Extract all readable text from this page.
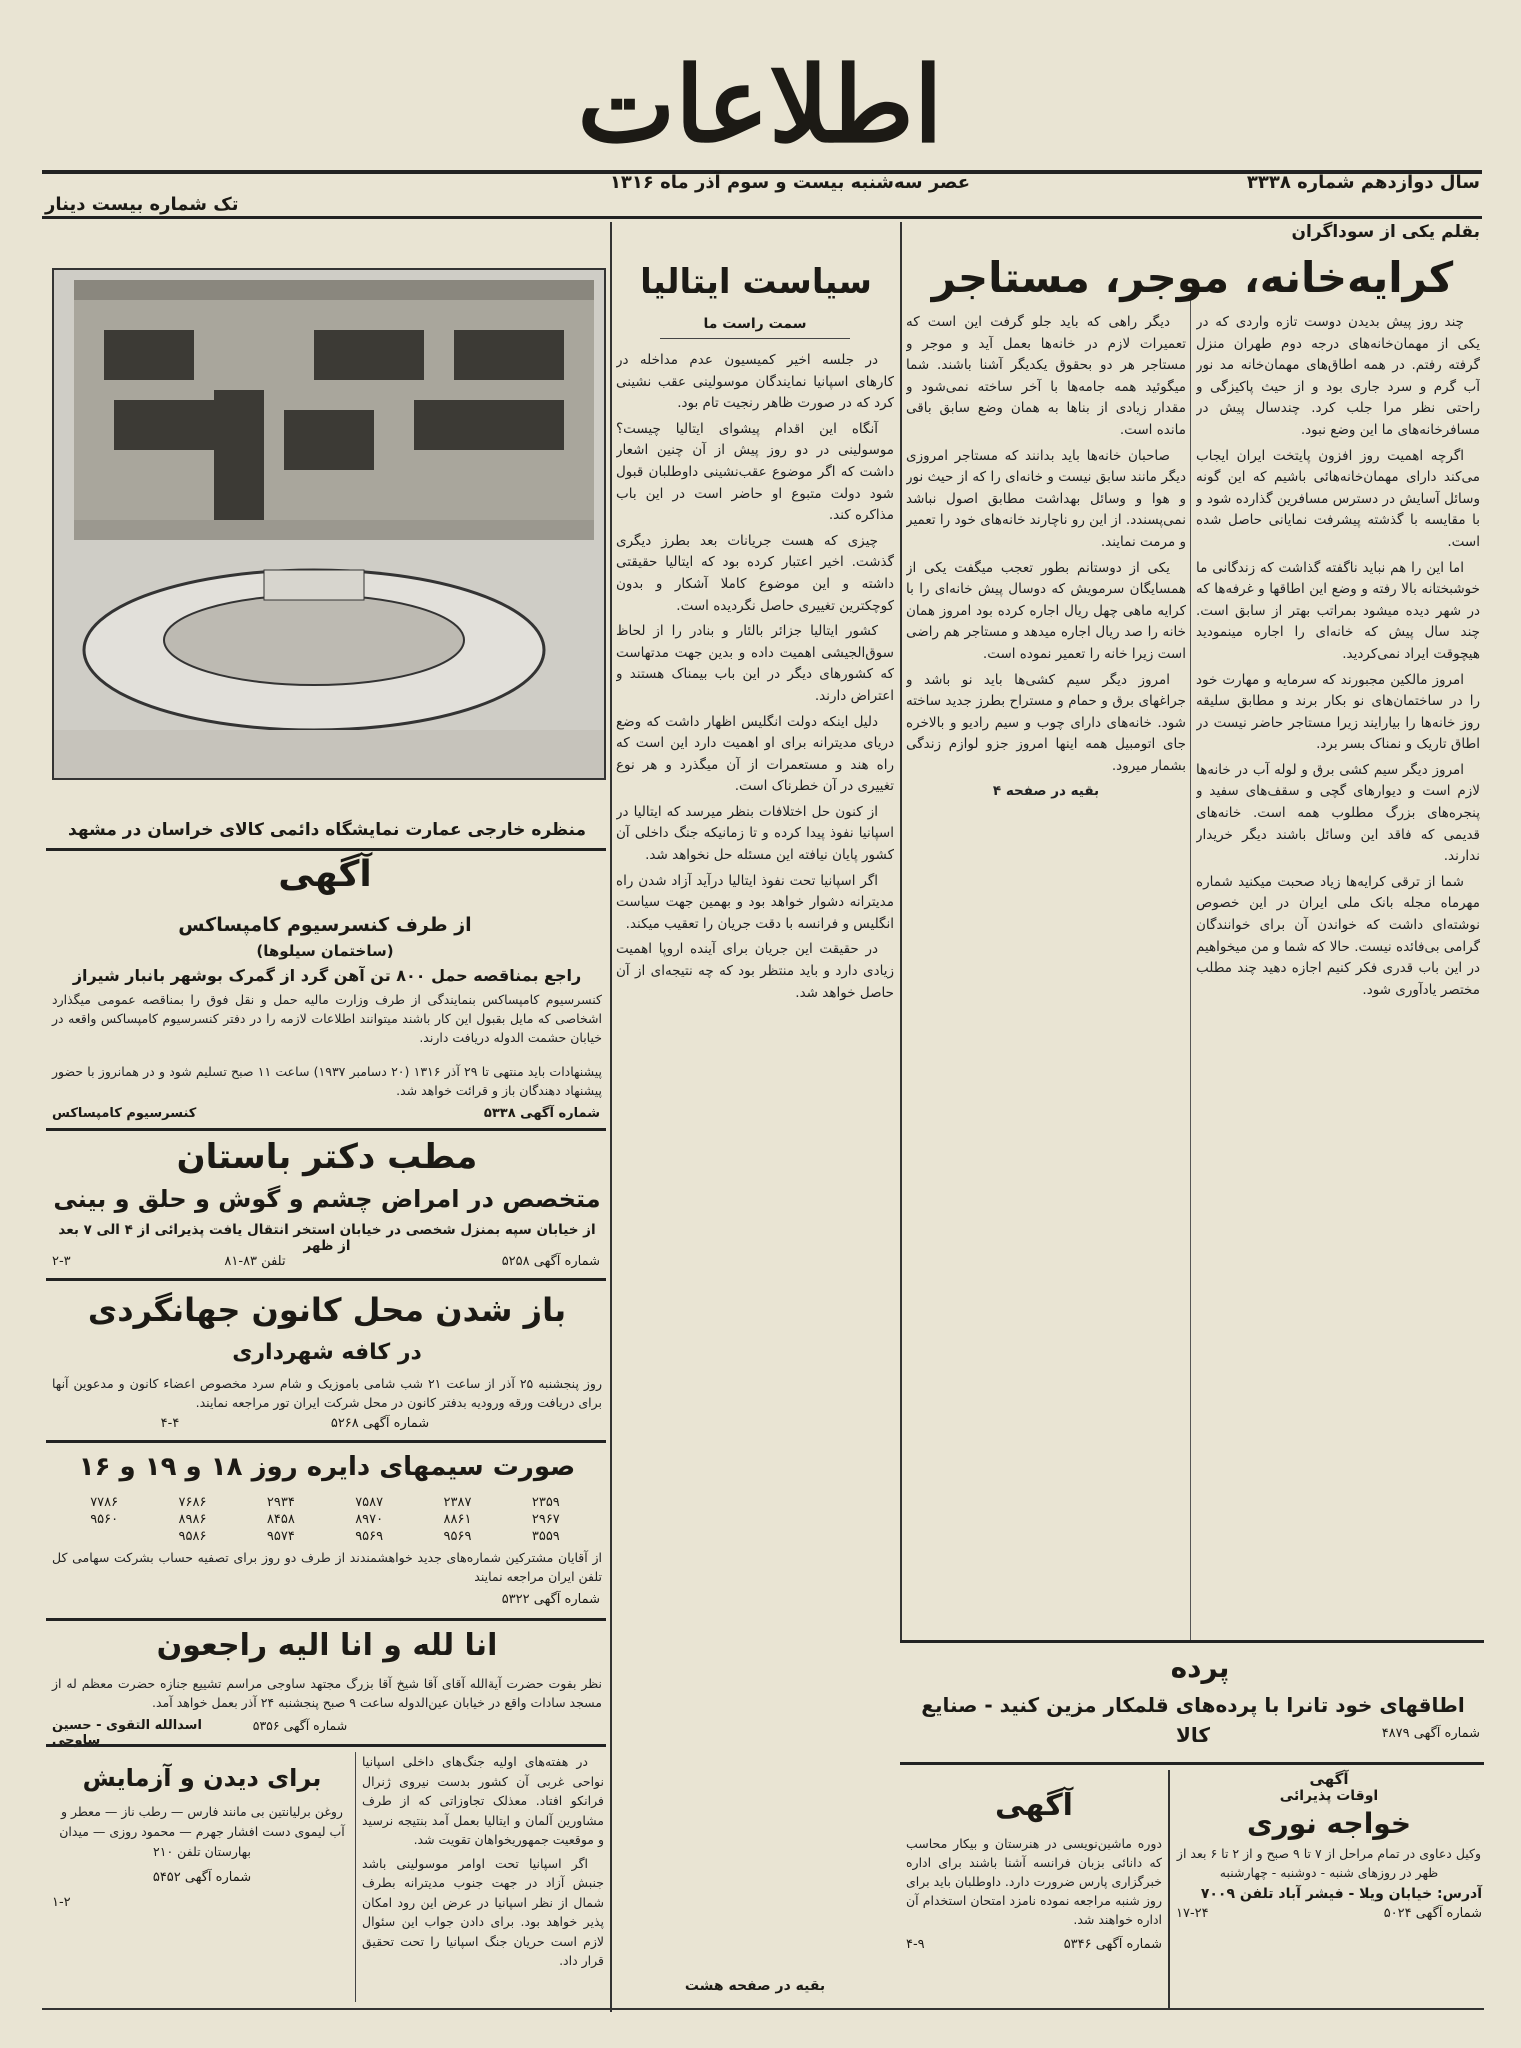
اطلاعات
سال دوازدهم شماره ۳۳۳۸
عصر سه‌شنبه بیست و سوم آذر ماه ۱۳۱۶
تک شماره بیست دینار
بقلم یکی از سوداگران
کرایه‌خانه، موجر، مستاجر

چند روز پیش بدیدن دوست تازه واردی که در یکی از مهمان‌خانه‌های درجه دوم طهران منزل گرفته رفتم. در همه اطاق‌های مهمان‌خانه مد نور آب گرم و سرد جاری بود و از حیث پاکیزگی و راحتی نظر مرا جلب کرد. چندسال پیش در مسافرخانه‌های ما این وضع نبود.

اگرچه اهمیت روز افزون پایتخت ایران ایجاب می‌کند دارای مهمان‌خانه‌هائی باشیم که این گونه وسائل آسایش در دسترس مسافرین گذارده شود و با مقایسه با گذشته پیشرفت نمایانی حاصل شده است.

اما این را هم نباید ناگفته گذاشت که زندگانی ما خوشبختانه بالا رفته و وضع این اطاقها و غرفه‌ها که در شهر دیده میشود بمراتب بهتر از سابق است. چند سال پیش که خانه‌ای را اجاره مینمودید هیچوقت ایراد نمی‌کردید.

امروز مالکین مجبورند که سرمایه و مهارت خود را در ساختمان‌های نو بکار برند و مطابق سلیقه روز خانه‌ها را بیارایند زیرا مستاجر حاضر نیست در اطاق تاریک و نمناک بسر برد.

امروز دیگر سیم کشی برق و لوله آب در خانه‌ها لازم است و دیوارهای گچی و سقف‌های سفید و پنجره‌های بزرگ مطلوب همه است. خانه‌های قدیمی که فاقد این وسائل باشند دیگر خریدار ندارند.

شما از ترقی کرایه‌ها زیاد صحبت میکنید شماره مهرماه مجله بانک ملی ایران در این خصوص نوشته‌ای داشت که خواندن آن برای خوانندگان گرامی بی‌فائده نیست. حالا که شما و من میخواهیم در این باب قدری فکر کنیم اجازه دهید چند مطلب مختصر یادآوری شود.

دیگر راهی که باید جلو گرفت این است که تعمیرات لازم در خانه‌ها بعمل آید و موجر و مستاجر هر دو بحقوق یکدیگر آشنا باشند. شما میگوئید همه جامه‌ها با آخر ساخته نمی‌شود و مقدار زیادی از بناها به همان وضع سابق باقی مانده است.

صاحبان خانه‌ها باید بدانند که مستاجر امروزی دیگر مانند سابق نیست و خانه‌ای را که از حیث نور و هوا و وسائل بهداشت مطابق اصول نباشد نمی‌پسندد. از این رو ناچارند خانه‌های خود را تعمیر و مرمت نمایند.

یکی از دوستانم بطور تعجب میگفت یکی از همسایگان سرمویش که دوسال پیش خانه‌ای را با کرایه ماهی چهل ریال اجاره کرده بود امروز همان خانه را صد ریال اجاره میدهد و مستاجر هم راضی است زیرا خانه را تعمیر نموده است.

امروز دیگر سیم کشی‌ها باید نو باشد و جراغهای برق و حمام و مستراح بطرز جدید ساخته شود. خانه‌های دارای چوب و سیم رادیو و بالاخره جای اتومبیل همه اینها امروز جزو لوازم زندگی بشمار میرود.

بقیه در صفحه ۴

سیاست ایتالیا
سمت راست ما

در جلسه اخیر کمیسیون عدم مداخله در کارهای اسپانیا نمایندگان موسولینی عقب نشینی کرد که در صورت ظاهر رنجیت تام بود.

آنگاه این اقدام پیشوای ایتالیا چیست؟ موسولینی در دو روز پیش از آن چنین اشعار داشت که اگر موضوع عقب‌نشینی داوطلبان قبول شود دولت متبوع او حاضر است در این باب مذاکره کند.

چیزی که هست جریانات بعد بطرز دیگری گذشت. اخیر اعتبار کرده بود که ایتالیا حقیقتی داشته و این موضوع کاملا آشکار و بدون کوچکترین تغییری حاصل نگردیده است.

کشور ایتالیا جزائر بالئار و بنادر را از لحاظ سوق‌الجیشی اهمیت داده و بدین جهت مدتهاست که کشورهای دیگر در این باب بیمناک هستند و اعتراض دارند.

دلیل اینکه دولت انگلیس اظهار داشت که وضع دریای مدیترانه برای او اهمیت دارد این است که راه هند و مستعمرات از آن میگذرد و هر نوع تغییری در آن خطرناک است.

از کنون حل اختلافات بنظر میرسد که ایتالیا در اسپانیا نفوذ پیدا کرده و تا زمانیکه جنگ داخلی آن کشور پایان نیافته این مسئله حل نخواهد شد.

اگر اسپانیا تحت نفوذ ایتالیا درآید آزاد شدن راه مدیترانه دشوار خواهد بود و بهمین جهت سیاست انگلیس و فرانسه با دقت جریان را تعقیب میکند.

در حقیقت این جریان برای آینده اروپا اهمیت زیادی دارد و باید منتظر بود که چه نتیجه‌ای از آن حاصل خواهد شد.

منظره خارجی عمارت نمایشگاه دائمی کالای خراسان در مشهد
آگهی
از طرف کنسرسیوم کامپساکس
(ساختمان سیلوها)
راجع بمناقصه حمل ۸۰۰ تن آهن گرد از گمرک بوشهر بانبار شیراز
کنسرسیوم کامپساکس بنمایندگی از طرف وزارت مالیه حمل و نقل فوق را بمناقصه عمومی میگذارد اشخاصی که مایل بقبول این کار باشند میتوانند اطلاعات لازمه را در دفتر کنسرسیوم کامپساکس واقعه در خیابان حشمت الدوله دریافت دارند.
پیشنهادات باید منتهی تا ۲۹ آذر ۱۳۱۶ (۲۰ دسامبر ۱۹۳۷) ساعت ۱۱ صبح تسلیم شود و در همانروز با حضور پیشنهاد دهندگان باز و قرائت خواهد شد.
شماره آگهی ۵۳۳۸
کنسرسیوم کامپساکس
مطب دکتر باستان
متخصص در امراض چشم و گوش و حلق و بینی
از خیابان سپه بمنزل شخصی در خیابان استخر انتقال یافت پذیرائی از ۴ الی ۷ بعد از ظهر
شماره آگهی ۵۲۵۸
تلفن ۸۳-۸۱
۲-۳
باز شدن محل کانون جهانگردی
در کافه شهرداری
روز پنجشنبه ۲۵ آذر از ساعت ۲۱ شب شامی باموزیک و شام سرد مخصوص اعضاء کانون و مدعوین آنها برای دریافت ورقه ورودیه بدفتر کانون در محل شرکت ایران تور مراجعه نمایند.
شماره آگهی ۵۲۶۸
۴-۴
صورت سیمهای دایره روز ۱۸ و ۱۹ و ۱۶
۲۳۵۹	۲۳۸۷	۷۵۸۷	۲۹۳۴	۷۶۸۶	۷۷۸۶
۲۹۶۷	۸۸۶۱	۸۹۷۰	۸۴۵۸	۸۹۸۶	۹۵۶۰
۳۵۵۹	۹۵۶۹	۹۵۶۹	۹۵۷۴	۹۵۸۶	
از آقایان مشترکین شماره‌های جدید خواهشمندند از طرف دو روز برای تصفیه حساب بشرکت سهامی کل تلفن ایران مراجعه نمایند
شماره آگهی ۵۳۲۲
انا لله و انا الیه راجعون
نظر بفوت حضرت آیة‌الله آقای آقا شیخ آقا بزرگ مجتهد ساوجی مراسم تشییع جنازه حضرت معظم له از مسجد سادات واقع در خیابان عین‌الدوله ساعت ۹ صبح پنجشنبه ۲۴ آذر بعمل خواهد آمد.
شماره آگهی ۵۳۵۶
اسدالله التقوی - حسین ساوجی
برای دیدن و آزمایش
روغن برلیانتین بی مانند فارس — رطب ناز — معطر و آب لیموی دست افشار جهرم — محمود روزی — میدان بهارستان تلفن ۲۱۰
شماره آگهی ۵۴۵۲
۱-۲

در هفته‌های اولیه جنگ‌های داخلی اسپانیا نواحی غربی آن کشور بدست نیروی ژنرال فرانکو افتاد. معذلک تجاوزاتی که از طرف مشاورین آلمان و ایتالیا بعمل آمد بنتیجه نرسید و موقعیت جمهوریخواهان تقویت شد.

اگر اسپانیا تحت اوامر موسولینی باشد جنبش آزاد در جهت جنوب مدیترانه بطرف شمال از نظر اسپانیا در عرض این رود امکان پذیر خواهد بود. برای دادن جواب این سئوال لازم است حریان جنگ اسپانیا را تحت تحقیق قرار داد.

بقیه در صفحه هشت
پرده
اطاقهای خود تانرا با پرده‌های قلمکار مزین کنید - صنایع کالا	شماره آگهی ۴۸۷۹
آگهی
دوره ماشین‌نویسی در هنرستان و بیکار محاسب که دانائی بزبان فرانسه آشنا باشند برای اداره خبرگزاری پارس ضرورت دارد. داوطلبان باید برای روز شنبه مراجعه نموده نامزد امتحان استخدام آن اداره خواهند شد.
شماره آگهی ۵۳۴۶
۴-۹
آگهی
اوقات پذیرائی
خواجه نوری
وکیل دعاوی در تمام مراحل از ۷ تا ۹ صبح و از ۲ تا ۶ بعد از ظهر در روزهای شنبه - دوشنبه - چهارشنبه
آدرس: خیابان ویلا - فیشر آباد تلفن ۷۰۰۹
شماره آگهی ۵۰۲۴
۱۷-۲۴
